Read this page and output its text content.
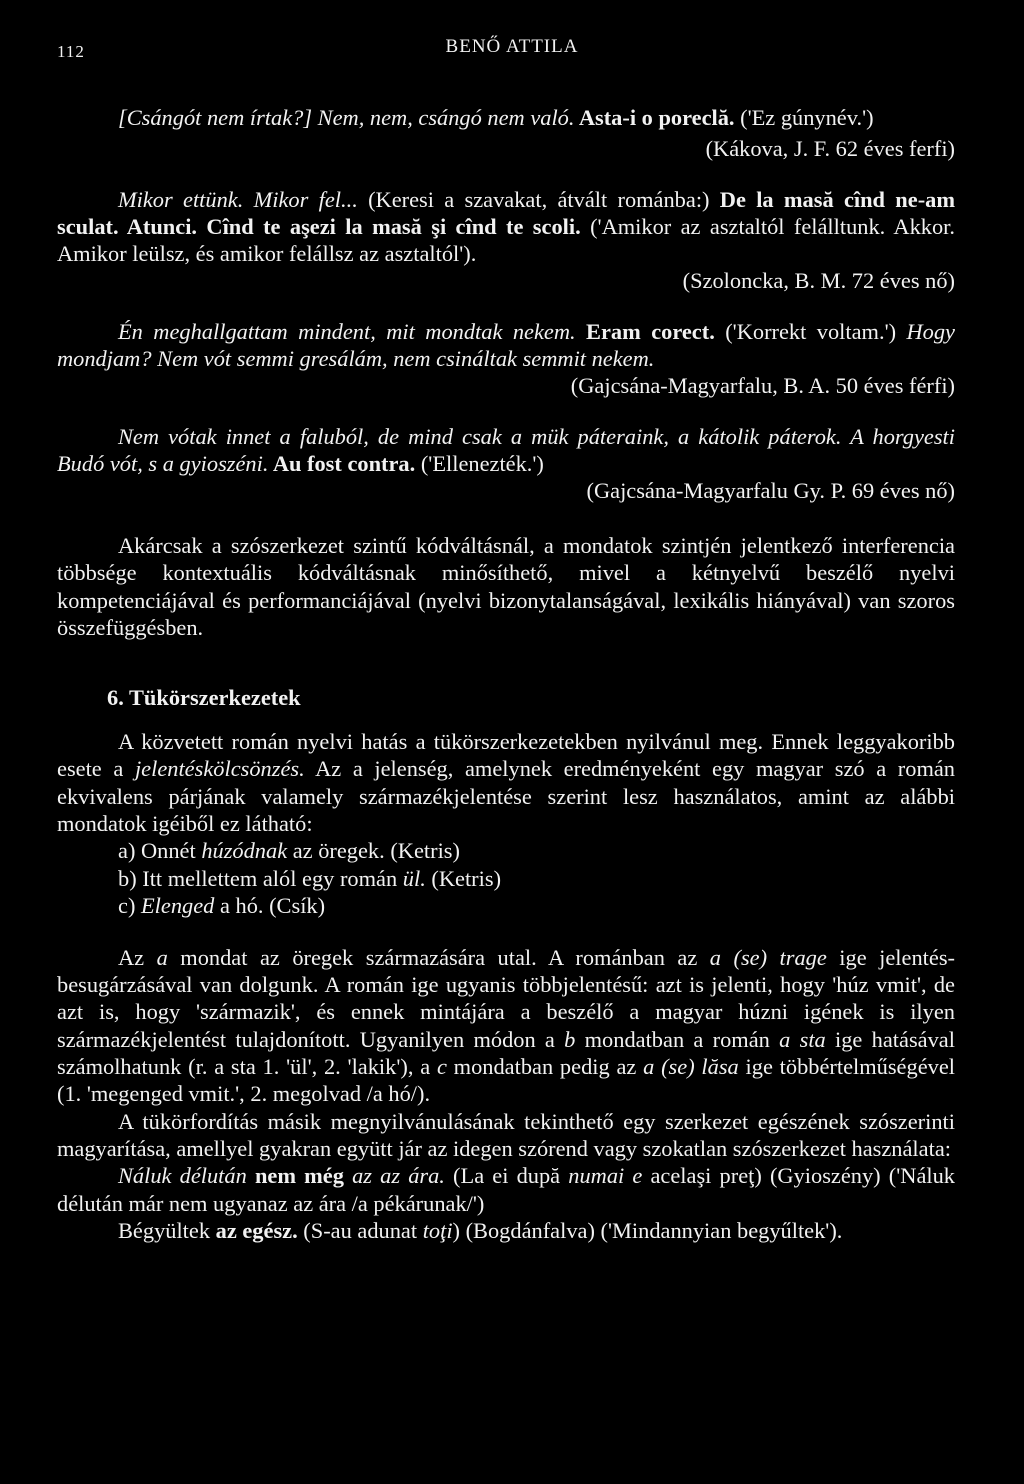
112	BENŐ ATTILA

[Csángót nem írtak?] Nem, nem, csángó nem való. Asta-i o poreclă. ('Ez gúnynév.')

(Kákova, J. F. 62 éves ferfi)

Mikor ettünk. Mikor fel... (Keresi a szavakat, átvált románba:) De la masă cînd ne-am sculat. Atunci. Cînd te aşezi la masă şi cînd te scoli. ('Amikor az asztaltól felálltunk. Akkor. Amikor leülsz, és amikor felállsz az asztaltól').

(Szoloncka, B. M. 72 éves nő)

Én meghallgattam mindent, mit mondtak nekem. Eram corect. ('Korrekt voltam.') Hogy mondjam? Nem vót semmi gresálám, nem csináltak semmit nekem.

(Gajcsána-Magyarfalu, B. A. 50 éves férfi)

Nem vótak innet a faluból, de mind csak a mük páteraink, a kátolik páterok. A horgyesti Budó vót, s a gyioszéni. Au fost contra. ('Ellenezték.')

(Gajcsána-Magyarfalu Gy. P. 69 éves nő)

Akárcsak a szószerkezet szintű kódváltásnál, a mondatok szintjén jelentkező interferencia többsége kontextuális kódváltásnak minősíthető, mivel a kétnyelvű beszélő nyelvi kompetenciájával és performanciájával (nyelvi bizonytalanságával, lexikális hiányával) van szoros összefüggésben.

6. Tükörszerkezetek

A közvetett román nyelvi hatás a tükörszerkezetekben nyilvánul meg. Ennek leggyakoribb esete a jelentéskölcsönzés. Az a jelenség, amelynek eredményeként egy magyar szó a román ekvivalens párjának valamely származékjelentése szerint lesz használatos, amint az alábbi mondatok igéiből ez látható:

a) Onnét húzódnak az öregek. (Ketris)
b) Itt mellettem alól egy román ül. (Ketris)
c) Elenged a hó. (Csík)

Az a mondat az öregek származására utal. A románban az a (se) trage ige jelentés-besugárzásával van dolgunk. A román ige ugyanis többjelentésű: azt is jelenti, hogy 'húz vmit', de azt is, hogy 'származik', és ennek mintájára a beszélő a magyar húzni igének is ilyen származékjelentést tulajdonított. Ugyanilyen módon a b mondatban a román a sta ige hatásával számolhatunk (r. a sta 1. 'ül', 2. 'lakik'), a c mondatban pedig az a (se) lăsa ige többértelműségével (1. 'megenged vmit.', 2. megolvad /a hó/).

A tükörfordítás másik megnyilvánulásának tekinthető egy szerkezet egészének szószerinti magyarítása, amellyel gyakran együtt jár az idegen szórend vagy szokatlan szószerkezet használata:

Náluk délután nem még az az ára. (La ei după numai e acelaşi preţ) (Gyioszény) ('Náluk délután már nem ugyanaz az ára /a pékárunak/')

Bégyültek az egész. (S-au adunat toţi) (Bogdánfalva) ('Mindannyian begyűltek').
